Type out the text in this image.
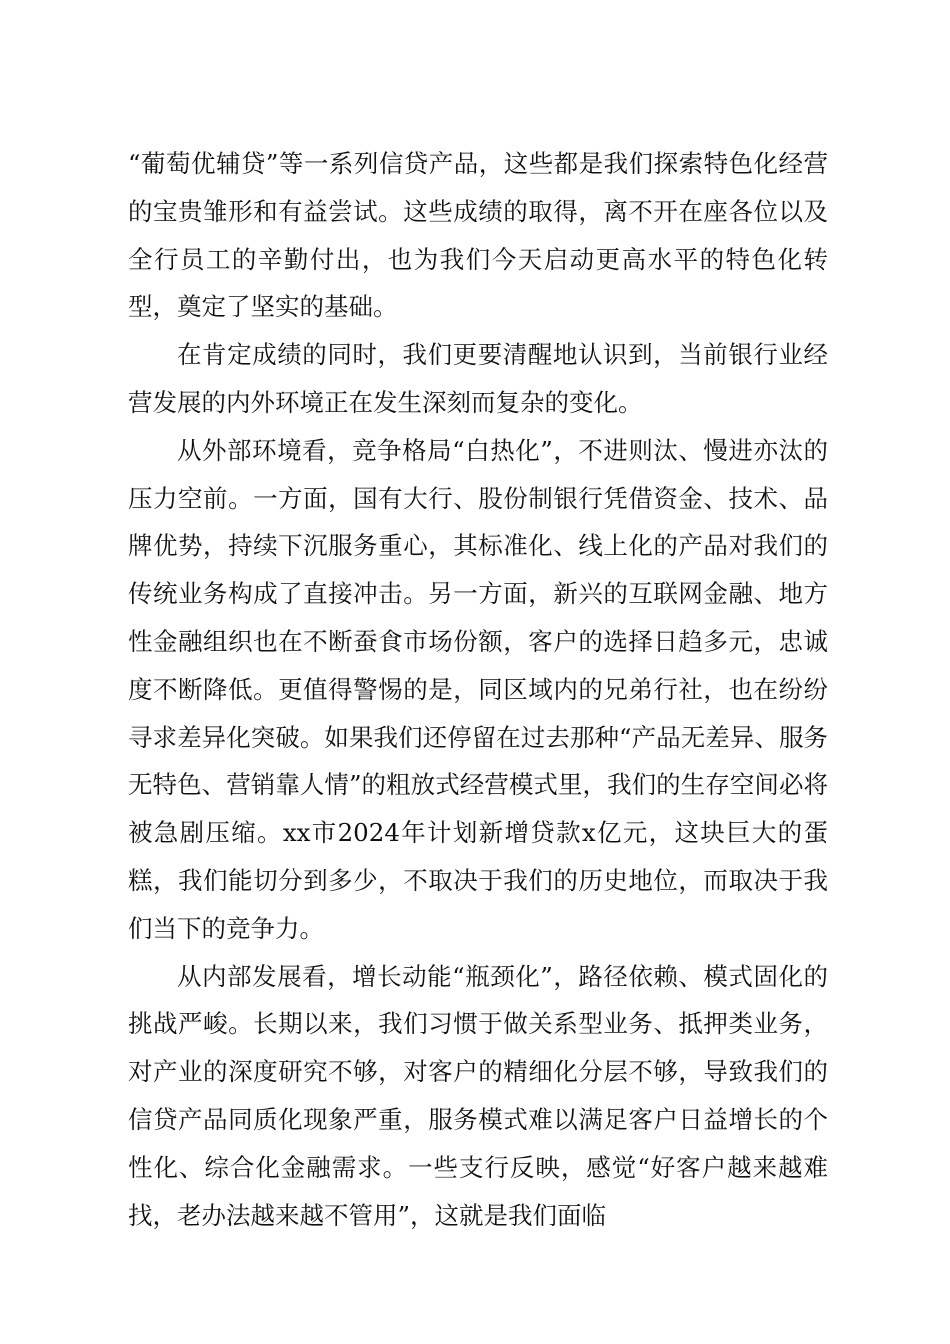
“葡萄优辅贷”等一系列信贷产品，这些都是我们探索特色化经营的宝贵雏形和有益尝试。这些成绩的取得，离不开在座各位以及全行员工的辛勤付出，也为我们今天启动更高水平的特色化转型，奠定了坚实的基础。

在肯定成绩的同时，我们更要清醒地认识到，当前银行业经营发展的内外环境正在发生深刻而复杂的变化。

从外部环境看，竞争格局“白热化”，不进则汰、慢进亦汰的压力空前。一方面，国有大行、股份制银行凭借资金、技术、品牌优势，持续下沉服务重心，其标准化、线上化的产品对我们的传统业务构成了直接冲击。另一方面，新兴的互联网金融、地方性金融组织也在不断蚕食市场份额，客户的选择日趋多元，忠诚度不断降低。更值得警惕的是，同区域内的兄弟行社，也在纷纷寻求差异化突破。如果我们还停留在过去那种“产品无差异、服务无特色、营销靠人情”的粗放式经营模式里，我们的生存空间必将被急剧压缩。xx市2024年计划新增贷款x亿元，这块巨大的蛋糕，我们能切分到多少，不取决于我们的历史地位，而取决于我们当下的竞争力。

从内部发展看，增长动能“瓶颈化”，路径依赖、模式固化的挑战严峻。长期以来，我们习惯于做关系型业务、抵押类业务，对产业的深度研究不够，对客户的精细化分层不够，导致我们的信贷产品同质化现象严重，服务模式难以满足客户日益增长的个性化、综合化金融需求。一些支行反映，感觉“好客户越来越难找，老办法越来越不管用”，这就是我们面临
